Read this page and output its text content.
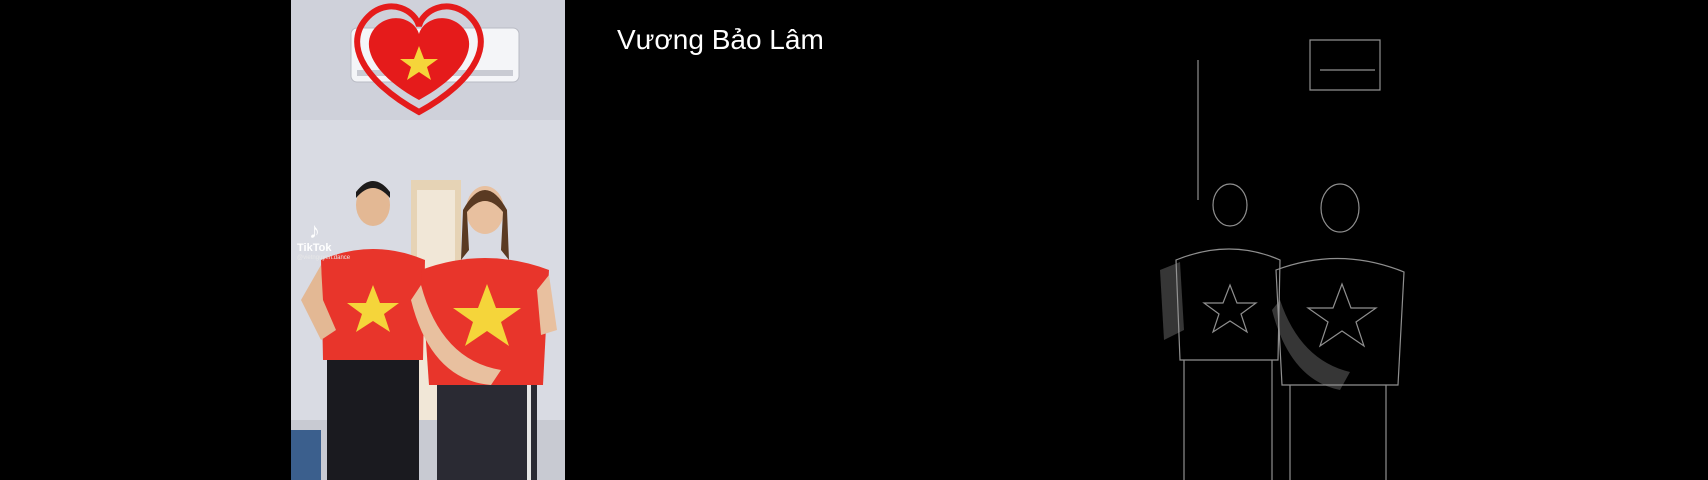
♪
TikTok
@vietnguyen.dance
Vương Bảo Lâm
